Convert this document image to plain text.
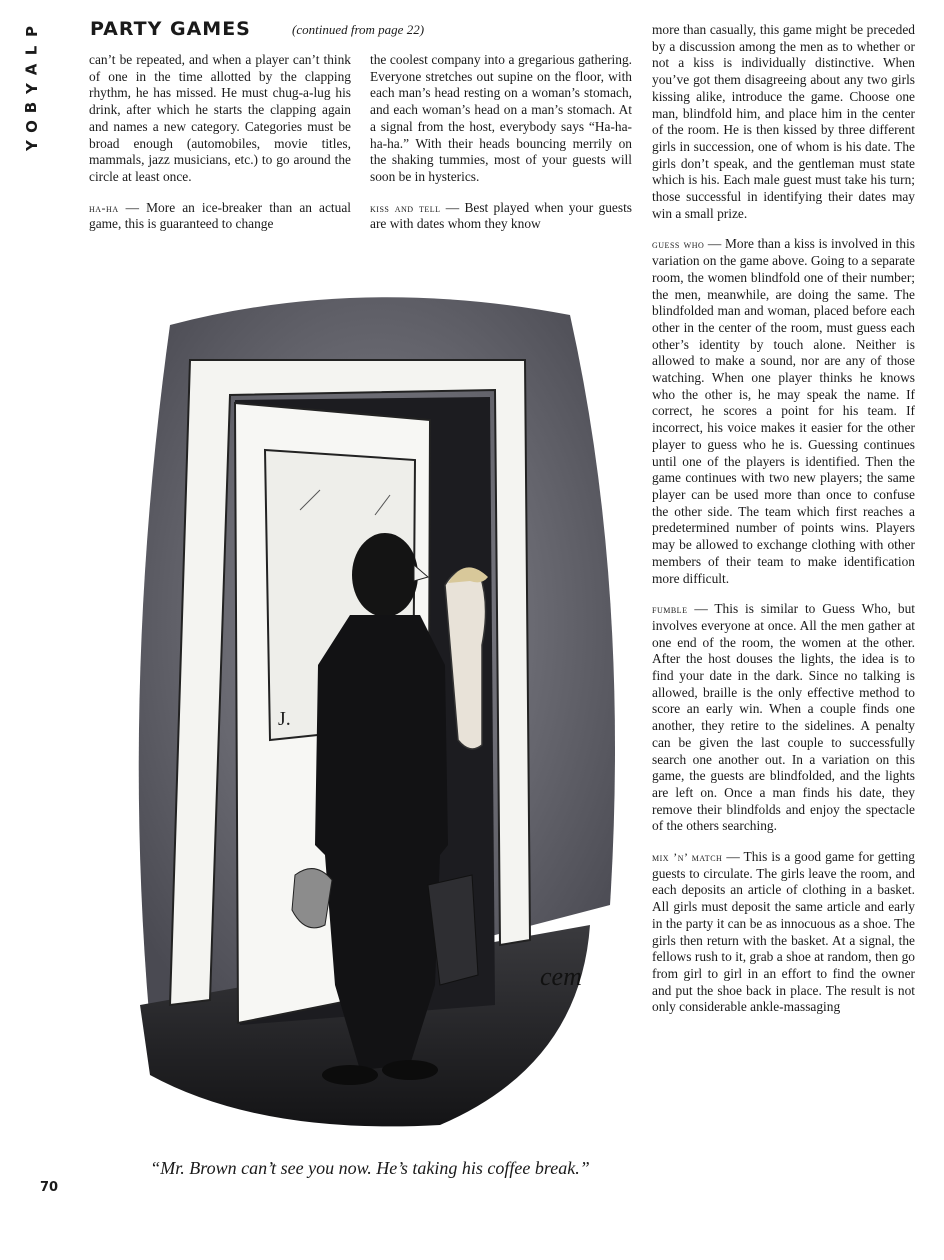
P
L
A
Y
B
O
Y
PARTY GAMES	(continued from page 22)

can’t be repeated, and when a player can’t think of one in the time allotted by the clapping rhythm, he has missed. He must chug-a-lug his drink, after which he starts the clapping again and names a new category. Categories must be broad enough (automobiles, movie titles, mammals, jazz musicians, etc.) to go around the circle at least once.

ha-ha — More an ice-breaker than an actual game, this is guaranteed to change

the coolest company into a gregarious gathering. Everyone stretches out supine on the floor, with each man’s head resting on a woman’s stomach, and each woman’s head on a man’s stomach. At a signal from the host, everybody says “Ha-ha-ha-ha.” With their heads bouncing merrily on the shaking tummies, most of your guests will soon be in hysterics.

kiss and tell — Best played when your guests are with dates whom they know

more than casually, this game might be preceded by a discussion among the men as to whether or not a kiss is individually distinctive. When you’ve got them disagreeing about any two girls kissing alike, introduce the game. Choose one man, blindfold him, and place him in the center of the room. He is then kissed by three different girls in succession, one of whom is his date. The girls don’t speak, and the gentleman must state which is his. Each male guest must take his turn; those successful in identifying their dates may win a small prize.

guess who — More than a kiss is involved in this variation on the game above. Going to a separate room, the women blindfold one of their number; the men, meanwhile, are doing the same. The blindfolded man and woman, placed before each other in the center of the room, must guess each other’s identity by touch alone. Neither is allowed to make a sound, nor are any of those watching. When one player thinks he knows who the other is, he may speak the name. If correct, he scores a point for his team. If incorrect, his voice makes it easier for the other player to guess who he is. Guessing continues until one of the players is identified. Then the game continues with two new players; the same player can be used more than once to confuse the other side. The team which first reaches a predetermined number of points wins. Players may be allowed to exchange clothing with other members of their team to make identification more difficult.

fumble — This is similar to Guess Who, but involves everyone at once. All the men gather at one end of the room, the women at the other. After the host douses the lights, the idea is to find your date in the dark. Since no talking is allowed, braille is the only effective method to score an early win. When a couple finds one another, they retire to the sidelines. A penalty can be given the last couple to successfully search one another out. In a variation on this game, the guests are blindfolded, and the lights are left on. Once a man finds his date, they remove their blindfolds and enjoy the spectacle of the others searching.

mix ’n’ match — This is a good game for getting guests to circulate. The girls leave the room, and each deposits an article of clothing in a basket. All girls must deposit the same article and early in the party it can be as innocuous as a shoe. The girls then return with the basket. At a signal, the fellows rush to it, grab a shoe at random, then go from girl to girl in an effort to find the owner and put the shoe back in place. The result is not only considerable ankle-massaging

J.
cem
“Mr. Brown can’t see you now. He’s taking his coffee break.”
70
